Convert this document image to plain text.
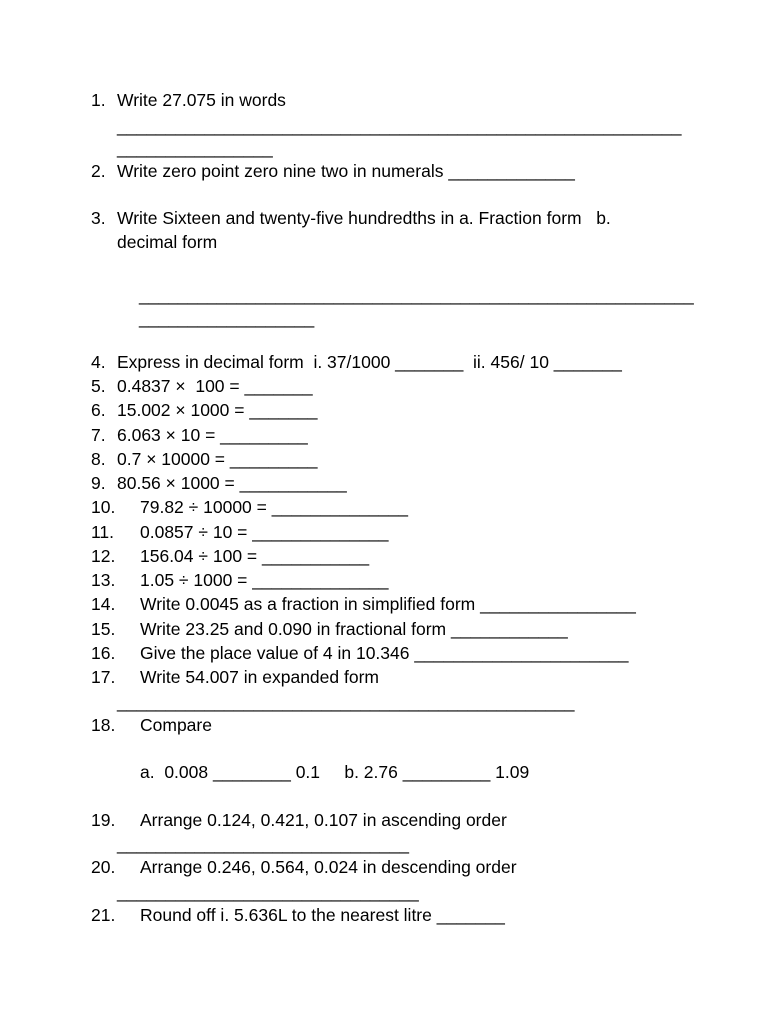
1. Write 27.075 in words
__________________________________________________________
________________
2. Write zero point zero nine two in numerals _____________
3. Write Sixteen and twenty-five hundredths in a. Fraction form   b.
decimal form
_________________________________________________________
__________________
4. Express in decimal form  i. 37/1000 _______  ii. 456/ 10 _______
5. 0.4837 ×  100 = _______
6. 15.002 × 1000 = _______
7. 6.063 × 10 = _________
8. 0.7 × 10000 = _________
9. 80.56 × 1000 = ___________
10. 79.82 ÷ 10000 = ______________
11. 0.0857 ÷ 10 = ______________
12. 156.04 ÷ 100 = ___________
13. 1.05 ÷ 1000 = ______________
14. Write 0.0045 as a fraction in simplified form ________________
15. Write 23.25 and 0.090 in fractional form ____________
16. Give the place value of 4 in 10.346 ______________________
17. Write 54.007 in expanded form
_______________________________________________
18. Compare
a.  0.008 ________ 0.1     b. 2.76 _________ 1.09
19. Arrange 0.124, 0.421, 0.107 in ascending order
______________________________
20. Arrange 0.246, 0.564, 0.024 in descending order
_______________________________
21. Round off i. 5.636L to the nearest litre _______
